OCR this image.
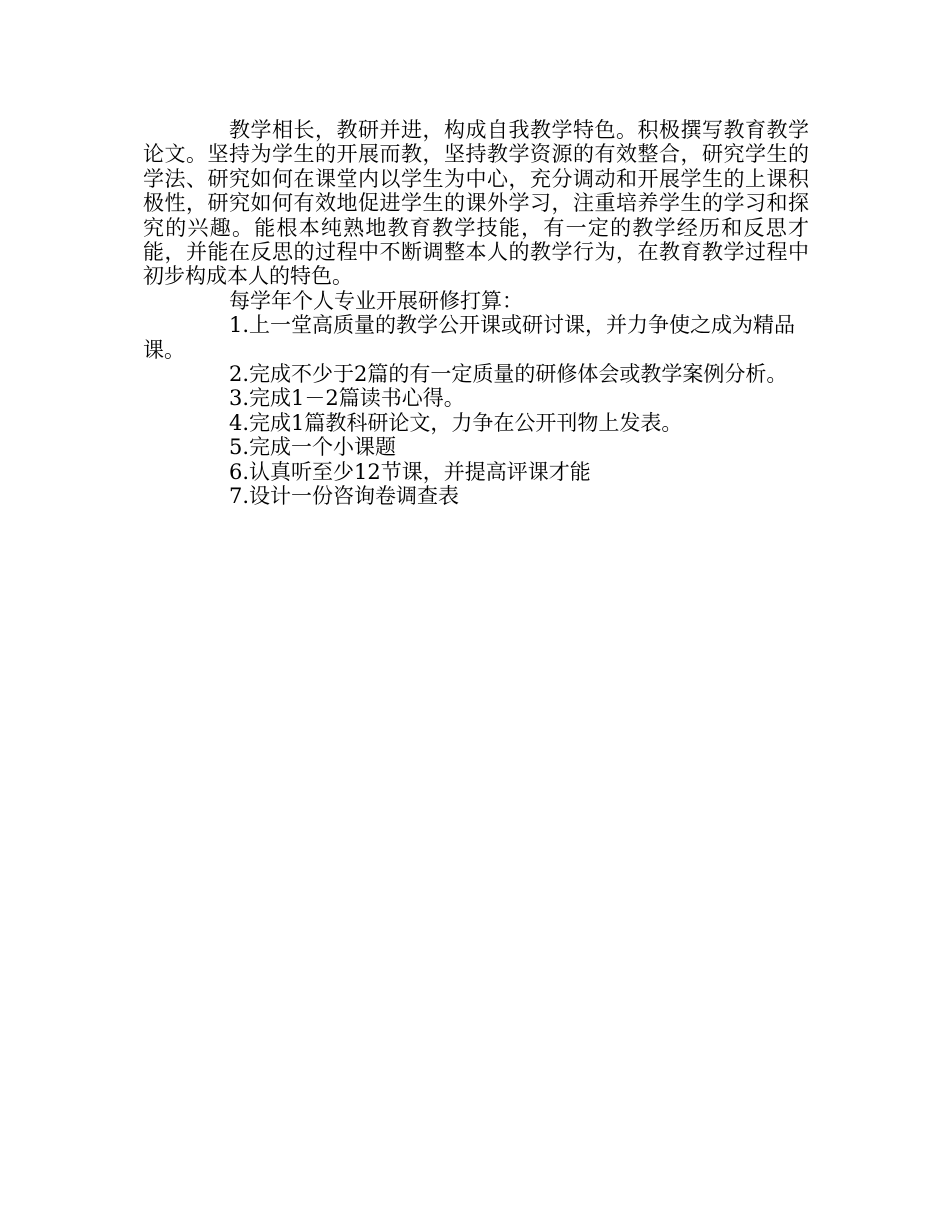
教学相长，教研并进，构成自我教学特色。积极撰写教育教学论文。坚持为学生的开展而教，坚持教学资源的有效整合，研究学生的学法、研究如何在课堂内以学生为中心，充分调动和开展学生的上课积极性，研究如何有效地促进学生的课外学习，注重培养学生的学习和探究的兴趣。能根本纯熟地教育教学技能，有一定的教学经历和反思才能，并能在反思的过程中不断调整本人的教学行为，在教育教学过程中初步构成本人的特色。

每学年个人专业开展研修打算：

1.上一堂高质量的教学公开课或研讨课，并力争使之成为精品课。

2.完成不少于2篇的有一定质量的研修体会或教学案例分析。

3.完成1－2篇读书心得。

4.完成1篇教科研论文，力争在公开刊物上发表。

5.完成一个小课题

6.认真听至少12节课，并提高评课才能

7.设计一份咨询卷调查表
